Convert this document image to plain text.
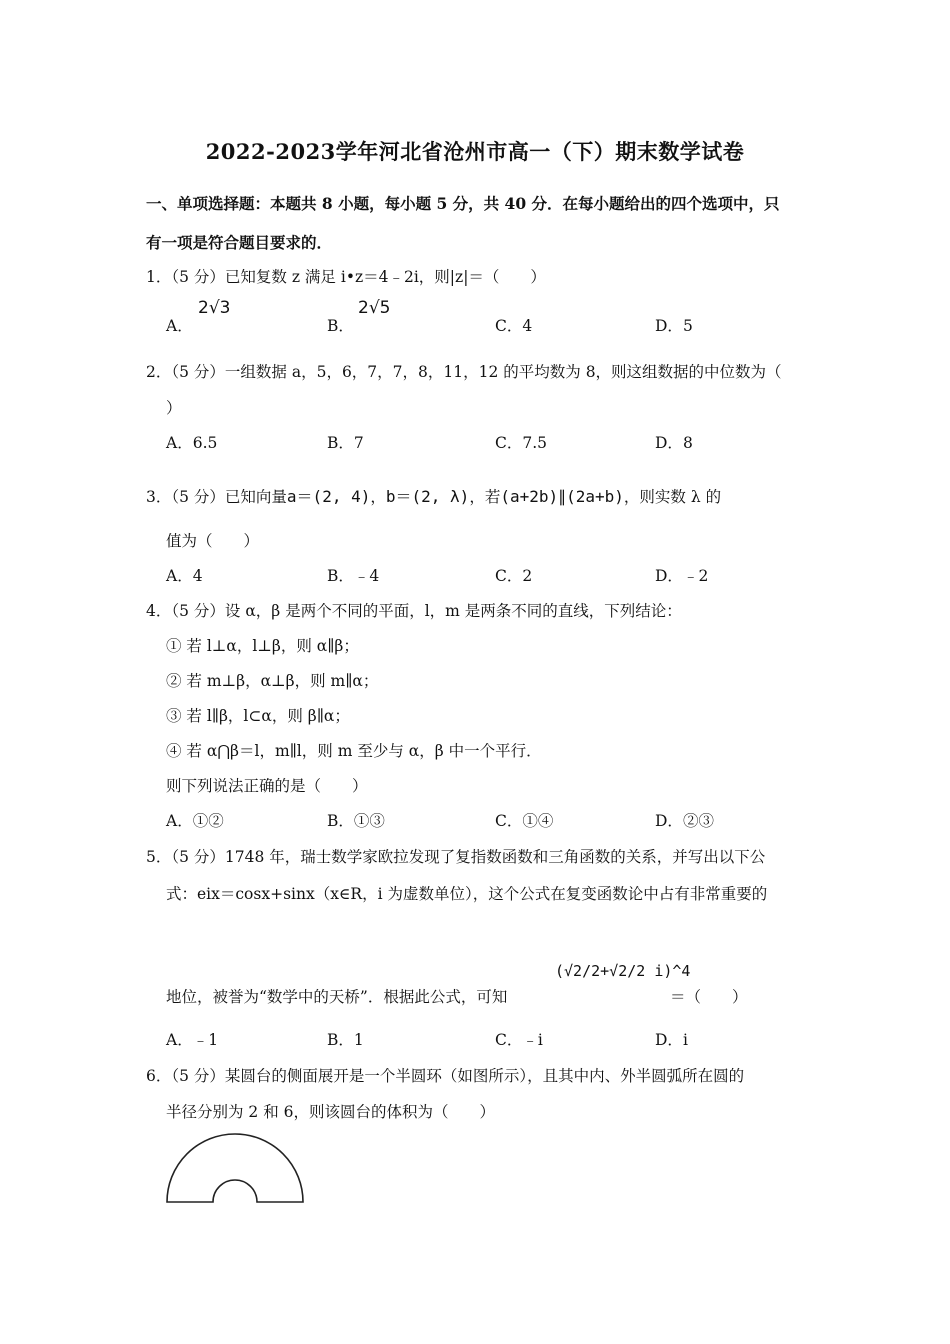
2022-2023学年河北省沧州市高一（下）期末数学试卷
一、单项选择题：本题共 8 小题，每小题 5 分，共 40 分．在每小题给出的四个选项中，只
有一项是符合题目要求的．
1．（5 分）已知复数 z 满足 i•z＝4﹣2i，则|z|＝（　　）
A．
2√3
B．
2√5
C．4	D．5
2．（5 分）一组数据 a，5，6，7，7，8，11，12 的平均数为 8，则这组数据的中位数为（
）
A．6.5	B．7	C．7.5	D．8
3．（5 分）已知向量a＝(2, 4)，b＝(2, λ)，若(a+2b)∥(2a+b)，则实数 λ 的
值为（　　）
A．4	B．﹣4	C．2	D．﹣2
4．（5 分）设 α，β 是两个不同的平面，l，m 是两条不同的直线，下列结论：
① 若 l⊥α，l⊥β，则 α∥β；
② 若 m⊥β，α⊥β，则 m∥α；
③ 若 l∥β，l⊂α，则 β∥α；
④ 若 α⋂β＝l，m∥l，则 m 至少与 α，β 中一个平行．
则下列说法正确的是（　　）
A．①②	B．①③	C．①④	D．②③
5．（5 分）1748 年，瑞士数学家欧拉发现了复指数函数和三角函数的关系，并写出以下公
式：eix＝cosx+sinx（x∈R，i 为虚数单位），这个公式在复变函数论中占有非常重要的
地位，被誉为“数学中的天桥”．根据此公式，可知
(√2/2+√2/2 i)^4
＝（　　）
A．﹣1	B．1	C．﹣i	D．i
6．（5 分）某圆台的侧面展开是一个半圆环（如图所示），且其中内、外半圆弧所在圆的
半径分别为 2 和 6，则该圆台的体积为（　　）
